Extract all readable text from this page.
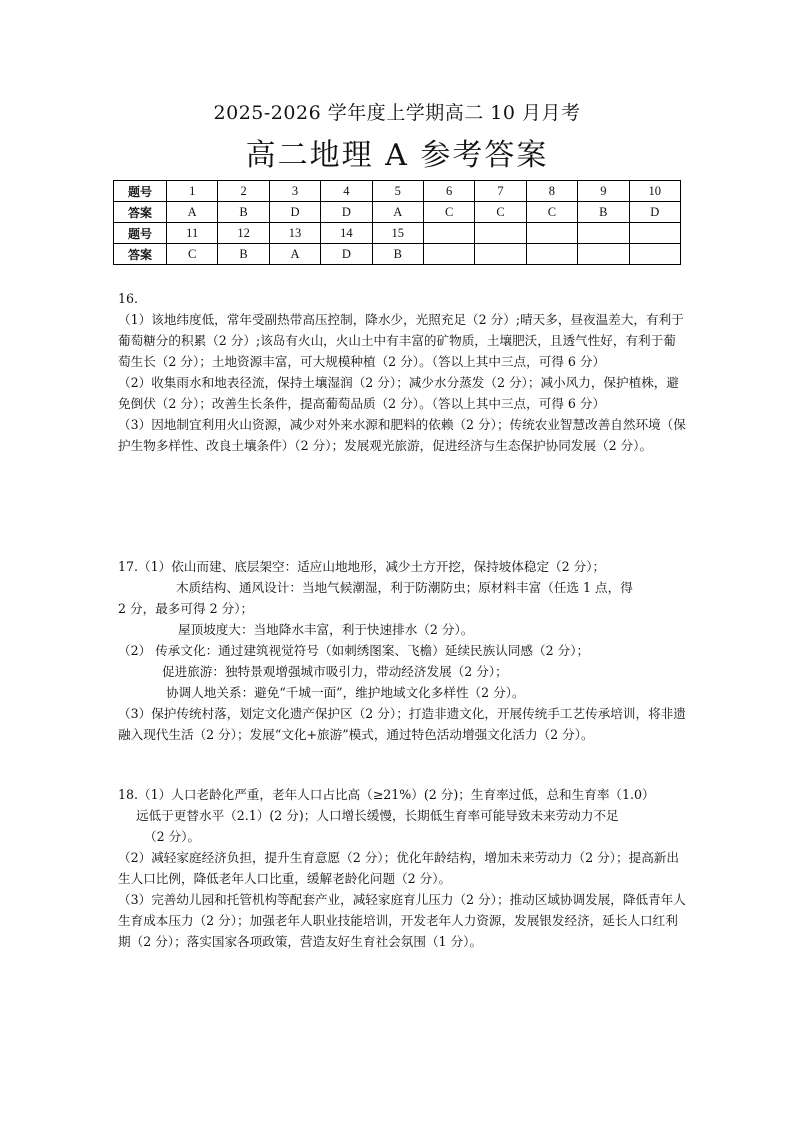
2025-2026 学年度上学期高二 10 月月考
高二地理 A 参考答案
题号	1	2	3	4	5	6	7	8	9	10
答案	A	B	D	D	A	C	C	C	B	D
题号	11	12	13	14	15					
答案	C	B	A	D	B					

16.

（1）该地纬度低，常年受副热带高压控制，降水少，光照充足（2 分）;晴天多，昼夜温差大，有利于葡萄糖分的积累（2 分）;该岛有火山，火山土中有丰富的矿物质，土壤肥沃，且透气性好，有利于葡萄生长（2 分）；土地资源丰富，可大规模种植（2 分）。（答以上其中三点，可得 6 分）

（2）收集雨水和地表径流，保持土壤湿润（2 分）；减少水分蒸发（2 分）；减小风力，保护植株，避免倒伏（2 分）；改善生长条件，提高葡萄品质（2 分）。（答以上其中三点，可得 6 分）

（3）因地制宜利用火山资源，减少对外来水源和肥料的依赖（2 分）；传统农业智慧改善自然环境（保护生物多样性、改良土壤条件）（2 分）；发展观光旅游，促进经济与生态保护协同发展（2 分）。

17.（1）依山而建、底层架空：适应山地地形，减少土方开挖，保持坡体稳定（2 分）；

木质结构、通风设计：当地气候潮湿，利于防潮防虫；原材料丰富（任选 1 点，得

2 分，最多可得 2 分）；

屋顶坡度大：当地降水丰富，利于快速排水（2 分）。

（2） 传承文化：通过建筑视觉符号（如刺绣图案、飞檐）延续民族认同感（2 分）；

促进旅游：独特景观增强城市吸引力，带动经济发展（2 分）；

协调人地关系：避免“千城一面”，维护地域文化多样性（2 分）。

（3）保护传统村落，划定文化遗产保护区（2 分）；打造非遗文化，开展传统手工艺传承培训，将非遗融入现代生活（2 分）；发展“文化+旅游”模式，通过特色活动增强文化活力（2 分）。

18.（1）人口老龄化严重，老年人口占比高（≥21%）(2 分)；生育率过低，总和生育率（1.0）

远低于更替水平（2.1）(2 分)；人口增长缓慢，长期低生育率可能导致未来劳动力不足

（2 分）。

（2）减轻家庭经济负担，提升生育意愿（2 分）；优化年龄结构，增加未来劳动力（2 分）；提高新出生人口比例，降低老年人口比重，缓解老龄化问题（2 分）。

（3）完善幼儿园和托管机构等配套产业，减轻家庭育儿压力（2 分）；推动区域协调发展，降低青年人生育成本压力（2 分）；加强老年人职业技能培训，开发老年人力资源，发展银发经济，延长人口红利期（2 分）；落实国家各项政策，营造友好生育社会氛围（1 分）。
